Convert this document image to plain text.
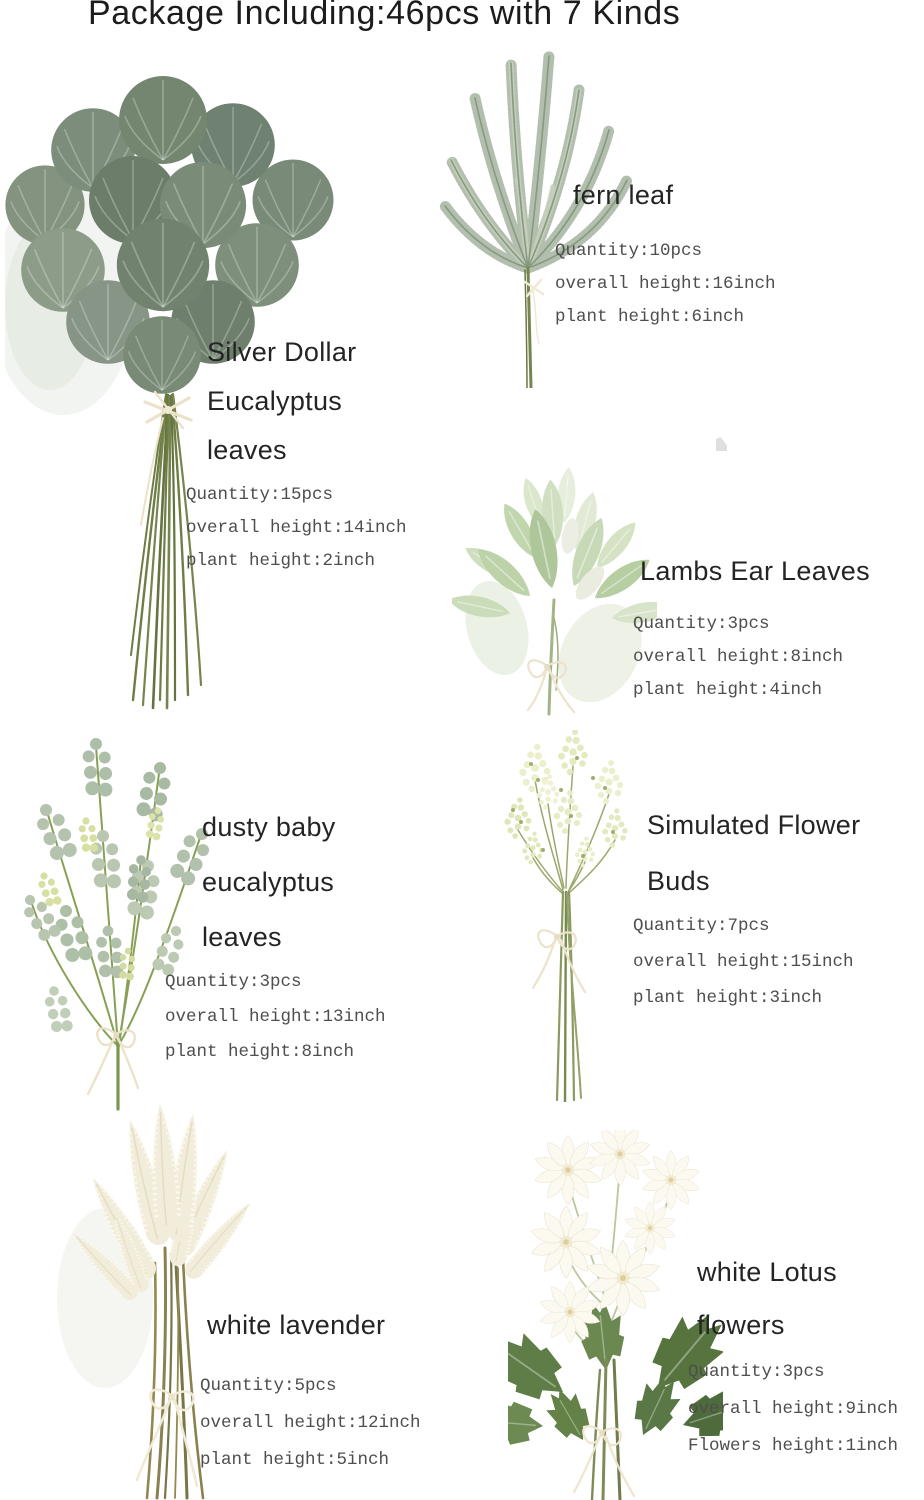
Package Including:46pcs with 7 Kinds
Silver Dollar
Eucalyptus
leaves
Quantity:15pcs
overall height:14inch
plant height:2inch
fern leaf
Quantity:10pcs
overall height:16inch
plant height:6inch
Lambs Ear Leaves
Quantity:3pcs
overall height:8inch
plant height:4inch
dusty baby
eucalyptus
leaves
Quantity:3pcs
overall height:13inch
plant height:8inch
Simulated Flower
Buds
Quantity:7pcs
overall height:15inch
plant height:3inch
white lavender
Quantity:5pcs
overall height:12inch
plant height:5inch
white Lotus
flowers
Quantity:3pcs
overall height:9inch
Flowers height:1inch
